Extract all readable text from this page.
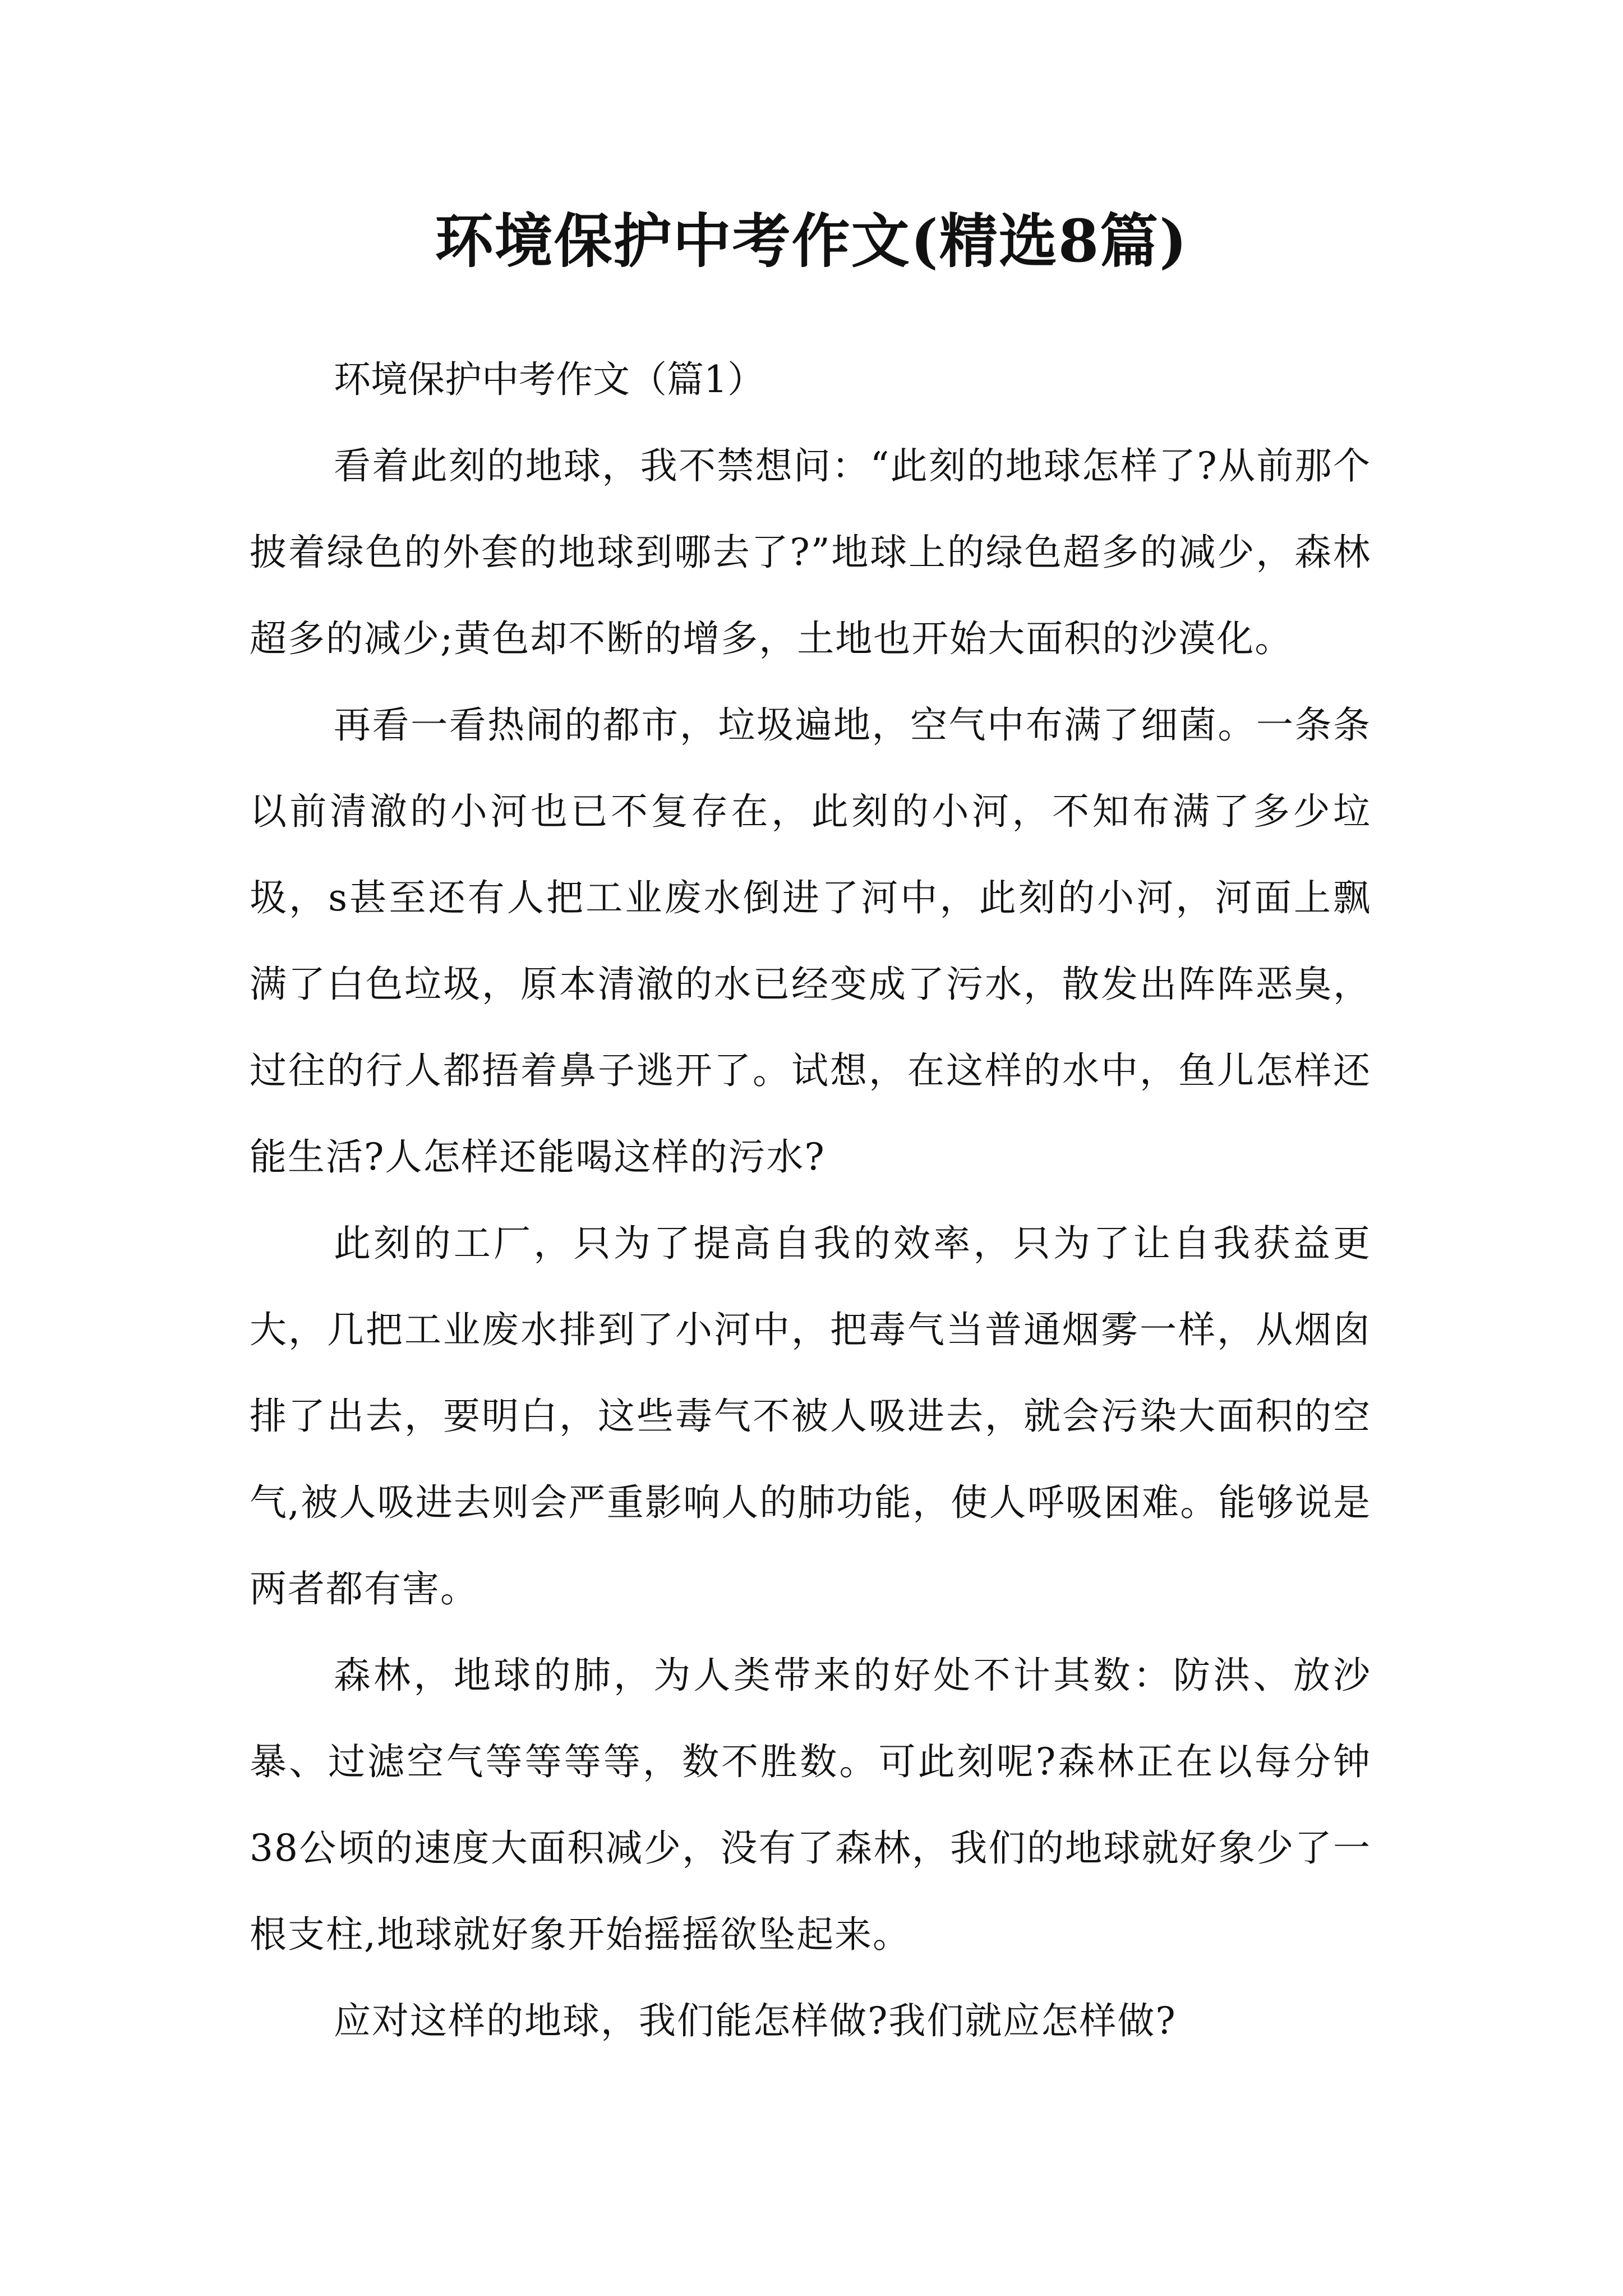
环境保护中考作文(精选8篇)

环境保护中考作文（篇1）

看着此刻的地球，我不禁想问：“此刻的地球怎样了?从前那个披着绿色的外套的地球到哪去了?”地球上的绿色超多的减少，森林超多的减少;黄色却不断的增多，土地也开始大面积的沙漠化。

再看一看热闹的都市，垃圾遍地，空气中布满了细菌。一条条以前清澈的小河也已不复存在，此刻的小河，不知布满了多少垃圾，s甚至还有人把工业废水倒进了河中，此刻的小河，河面上飘满了白色垃圾，原本清澈的水已经变成了污水，散发出阵阵恶臭，过往的行人都捂着鼻子逃开了。试想，在这样的水中，鱼儿怎样还能生活?人怎样还能喝这样的污水?

此刻的工厂，只为了提高自我的效率，只为了让自我获益更大，几把工业废水排到了小河中，把毒气当普通烟雾一样，从烟囱排了出去，要明白，这些毒气不被人吸进去，就会污染大面积的空气,被人吸进去则会严重影响人的肺功能，使人呼吸困难。能够说是两者都有害。

森林，地球的肺，为人类带来的好处不计其数：防洪、放沙暴、过滤空气等等等等，数不胜数。可此刻呢?森林正在以每分钟38公顷的速度大面积减少，没有了森林，我们的地球就好象少了一根支柱,地球就好象开始摇摇欲坠起来。

应对这样的地球，我们能怎样做?我们就应怎样做?
